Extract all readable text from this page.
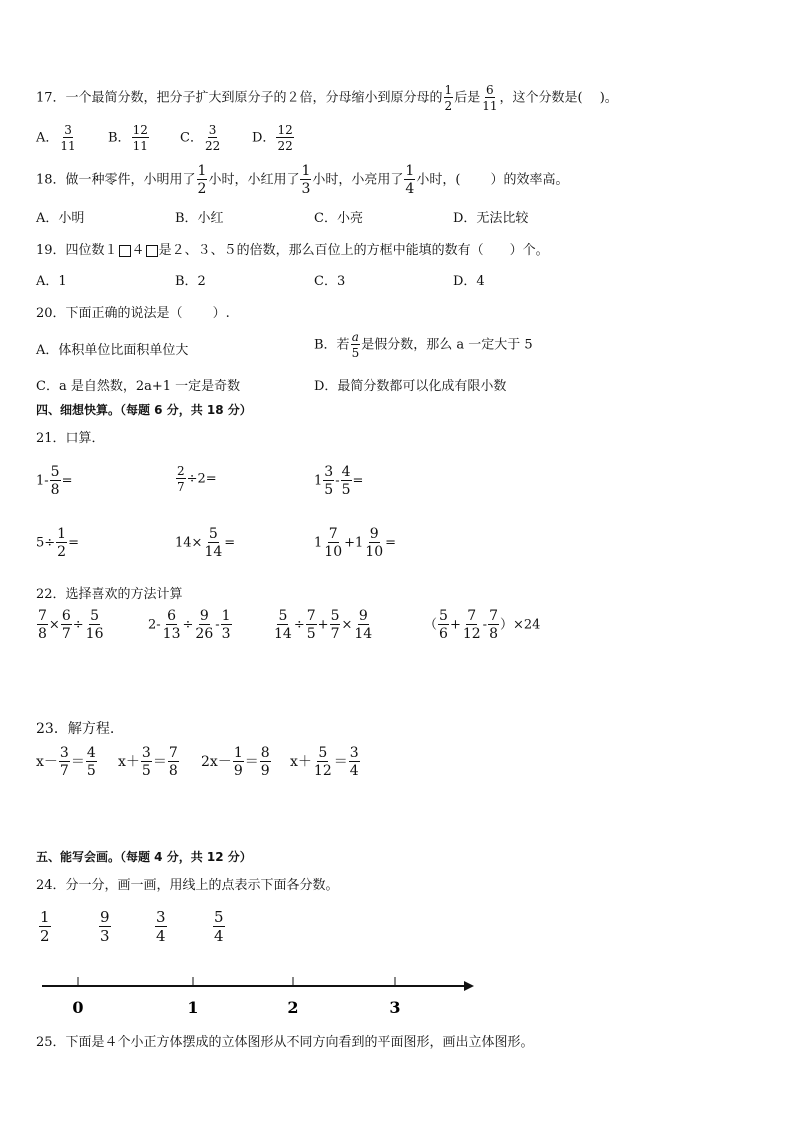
17．一个最简分数，把分子扩大到原分子的２倍，分母缩小到原分母的 $\frac{1}{2}$ 后是 $\frac{6}{11}$ ，这个分数是(　 )。
A． $\frac{3}{11}$ B． $\frac{12}{11}$ C． $\frac{3}{22}$ D． $\frac{12}{22}$
18．做一种零件，小明用了 $\frac{1}{2}$ 小时，小红用了 $\frac{1}{3}$ 小时，小亮用了 $\frac{1}{4}$ 小时，(　　 ）的效率高。
A．小明	B．小红	C．小亮	D．无法比较
19．四位数１ ４ 是２、３、５的倍数，那么百位上的方框中能填的数有（　　）个。
A．1	B．2	C．3	D．4
20．下面正确的说法是（　　 ）.
A．体积单位比面积单位大	B．若 $\frac{a}{5}$ 是假分数，那么 a 一定大于 5
C．a 是自然数，2a+1 一定是奇数	D．最简分数都可以化成有限小数
四、细想快算。（每题 6 分，共 18 分）
21．口算．
$1- \frac{5}{8}$ =	$\frac{2}{7} \div 2=$	$1 \frac{3}{5} - \frac{4}{5}$ =
$5\div \frac{1}{2}$ =	$14\times \frac{5}{14}$ =	$1 \frac{7}{10} +1 \frac{9}{10}$ =
22．选择喜欢的方法计算
$\frac{7}{8} \times \frac{6}{7} \div \frac{5}{16}$	$2- \frac{6}{13} \div \frac{9}{26} - \frac{1}{3}$	$\frac{5}{14} \div \frac{7}{5} + \frac{5}{7} \times \frac{9}{14}$	（ $\frac{5}{6} + \frac{7}{12} - \frac{7}{8} )\times 24$
23．解方程.
$x- \frac{3}{7} = \frac{4}{5} x+ \frac{3}{5} = \frac{7}{8} 2x- \frac{1}{9} = \frac{8}{9} x+ \frac{5}{12} = \frac{3}{4}$
五、能写会画。（每题 4 分，共 12 分）
24．分一分，画一画，用线上的点表示下面各分数。
$\frac{1}{2}$	$\frac{9}{3}$	$\frac{3}{4}$	$\frac{5}{4}$
0	1	2	3
25．下面是４个小正方体摆成的立体图形从不同方向看到的平面图形，画出立体图形。
